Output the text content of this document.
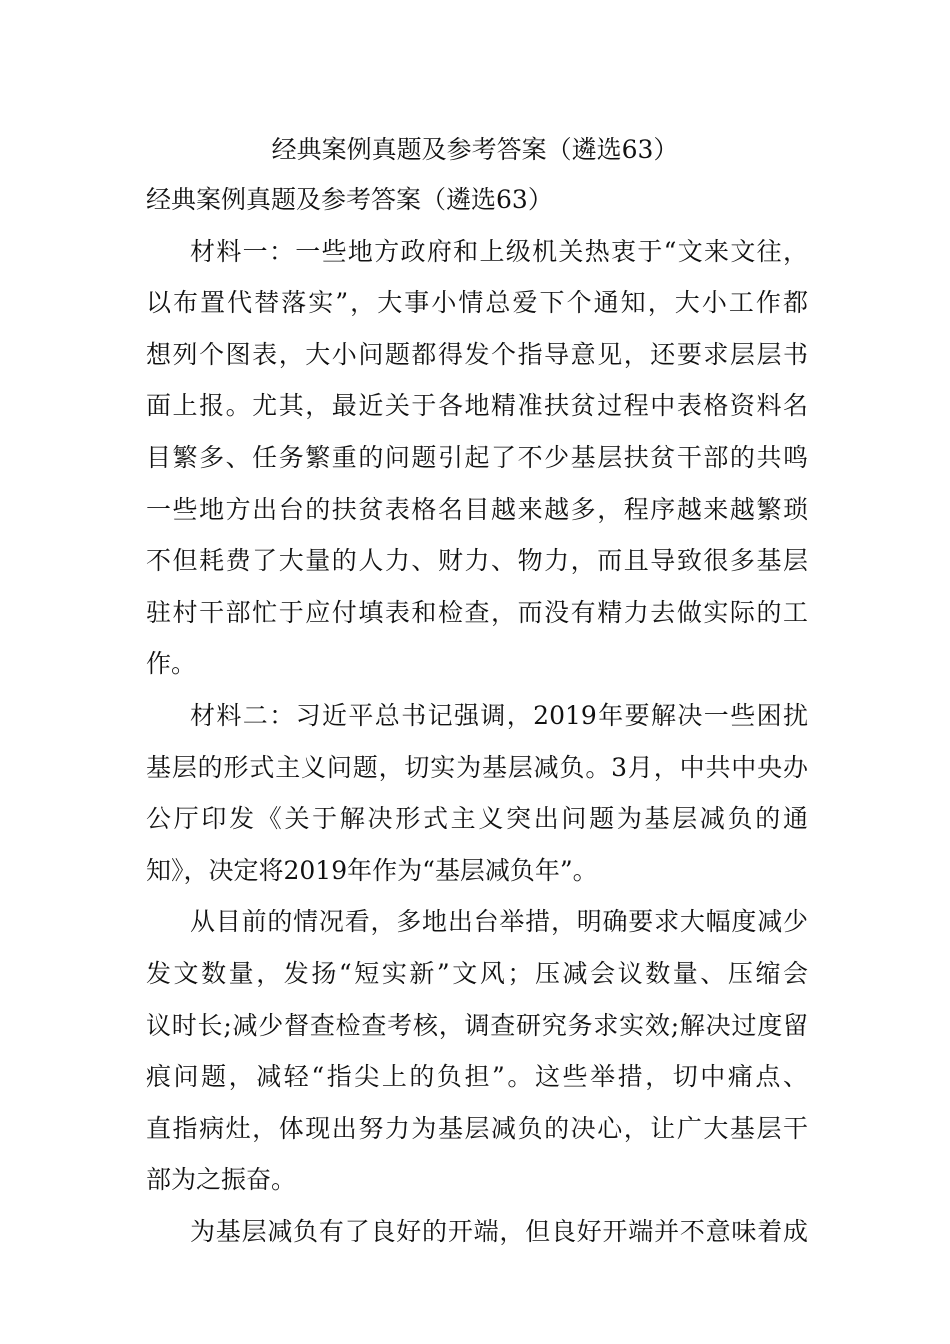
经典案例真题及参考答案（遴选63）
经典案例真题及参考答案（遴选63）
材料一：一些地方政府和上级机关热衷于“文来文往，
以布置代替落实”，大事小情总爱下个通知，大小工作都
想列个图表，大小问题都得发个指导意见，还要求层层书
面上报。尤其，最近关于各地精准扶贫过程中表格资料名
目繁多、任务繁重的问题引起了不少基层扶贫干部的共鸣
一些地方出台的扶贫表格名目越来越多，程序越来越繁琐
不但耗费了大量的人力、财力、物力，而且导致很多基层
驻村干部忙于应付填表和检查，而没有精力去做实际的工
作。
材料二：习近平总书记强调，2019年要解决一些困扰
基层的形式主义问题，切实为基层减负。3月，中共中央办
公厅印发《关于解决形式主义突出问题为基层减负的通
知》，决定将2019年作为“基层减负年”。
从目前的情况看，多地出台举措，明确要求大幅度减少
发文数量，发扬“短实新”文风；压减会议数量、压缩会
议时长;减少督查检查考核，调查研究务求实效;解决过度留
痕问题，减轻“指尖上的负担”。这些举措，切中痛点、
直指病灶，体现出努力为基层减负的决心，让广大基层干
部为之振奋。
为基层减负有了良好的开端，但良好开端并不意味着成
